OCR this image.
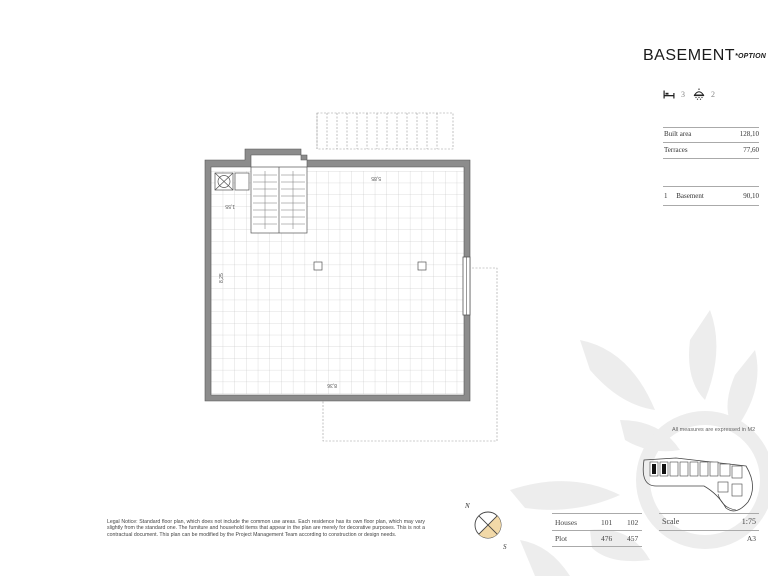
BASEMENT*OPTION
3	2
Built area	128,10
Terraces	77,60
1 Basement	90,10
5,85
1,55
8,25
8,36
All measures are expressed in M2
Legal Notice: Standard floor plan, which does not include the common use areas. Each residence has its own floor plan, which may vary slightly from the standard one. The furniture and household items that appear in the plan are merely for decorative purposes. This is not a contractual document. This plan can be modified by the Project Management Team according to construction or design needs.
N
S
Houses	101	102
Plot	476	457
Scale	1:75
A3
